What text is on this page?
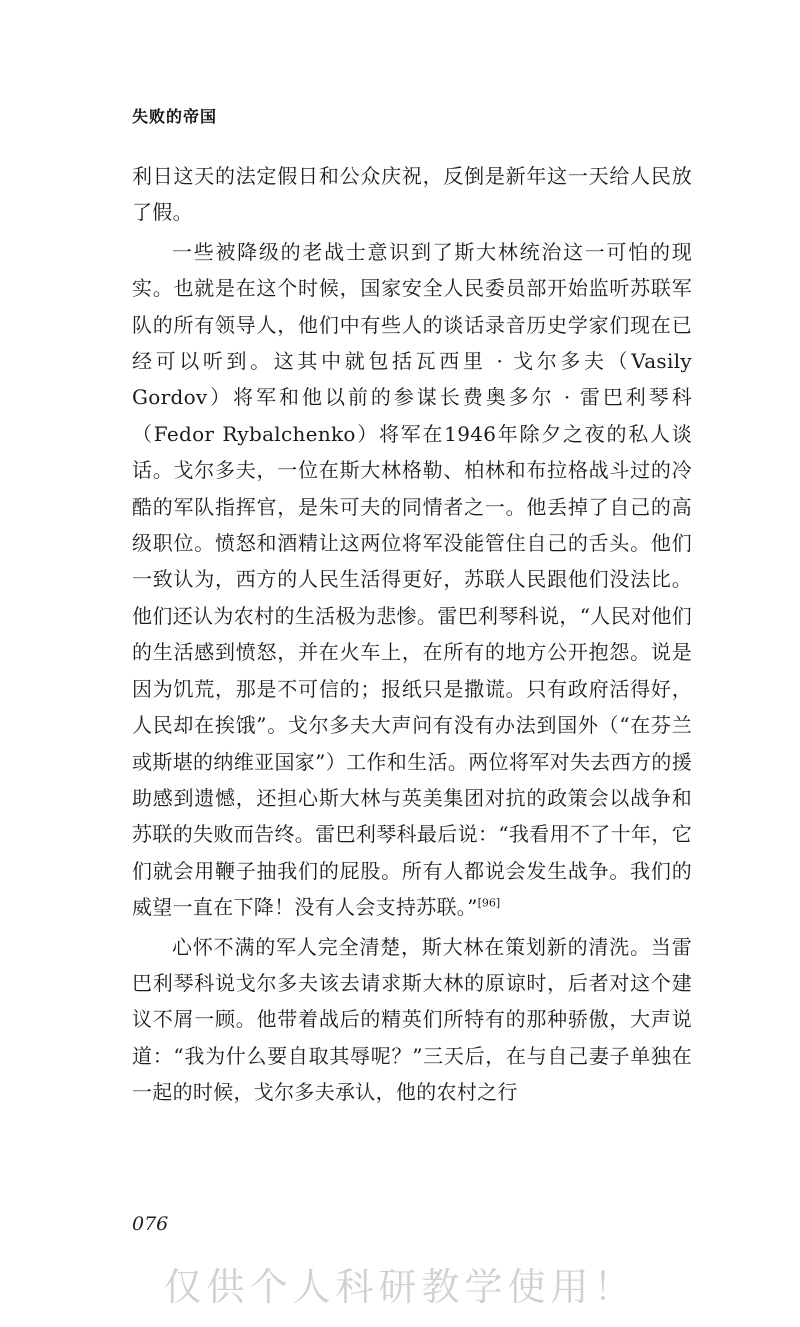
失败的帝国

利日这天的法定假日和公众庆祝，反倒是新年这一天给人民放了假。

一些被降级的老战士意识到了斯大林统治这一可怕的现实。也就是在这个时候，国家安全人民委员部开始监听苏联军队的所有领导人，他们中有些人的谈话录音历史学家们现在已经可以听到。这其中就包括瓦西里 · 戈尔多夫（Vasily Gordov）将军和他以前的参谋长费奥多尔 · 雷巴利琴科（Fedor Rybalchenko）将军在1946年除夕之夜的私人谈话。戈尔多夫，一位在斯大林格勒、柏林和布拉格战斗过的冷酷的军队指挥官，是朱可夫的同情者之一。他丢掉了自己的高级职位。愤怒和酒精让这两位将军没能管住自己的舌头。他们一致认为，西方的人民生活得更好，苏联人民跟他们没法比。他们还认为农村的生活极为悲惨。雷巴利琴科说，“人民对他们的生活感到愤怒，并在火车上，在所有的地方公开抱怨。说是因为饥荒，那是不可信的；报纸只是撒谎。只有政府活得好，人民却在挨饿”。戈尔多夫大声问有没有办法到国外（“在芬兰或斯堪的纳维亚国家”）工作和生活。两位将军对失去西方的援助感到遗憾，还担心斯大林与英美集团对抗的政策会以战争和苏联的失败而告终。雷巴利琴科最后说：“我看用不了十年，它们就会用鞭子抽我们的屁股。所有人都说会发生战争。我们的威望一直在下降！没有人会支持苏联。”[96]

心怀不满的军人完全清楚，斯大林在策划新的清洗。当雷巴利琴科说戈尔多夫该去请求斯大林的原谅时，后者对这个建议不屑一顾。他带着战后的精英们所特有的那种骄傲，大声说道：“我为什么要自取其辱呢？”三天后，在与自己妻子单独在一起的时候，戈尔多夫承认，他的农村之行

076
仅供个人科研教学使用！
